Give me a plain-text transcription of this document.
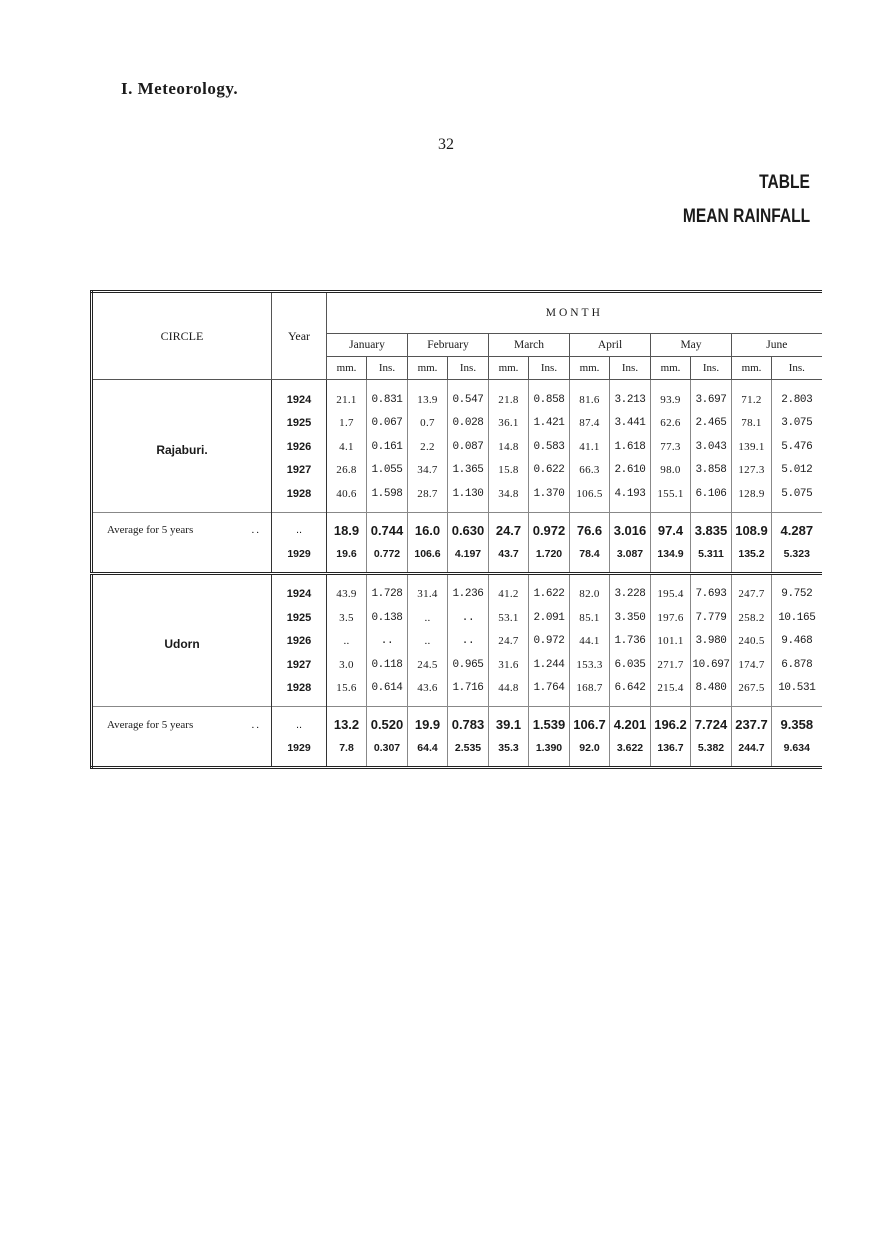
I. Meteorology.
32
TABLE
MEAN RAINFALL
CIRCLE	Year	MONTH											
		January		February		March		April		May		June	
		mm.	Ins.	mm.	Ins.	mm.	Ins.	mm.	Ins.	mm.	Ins.	mm.	Ins.
Rajaburi.	1924	21.1	0.831	13.9	0.547	21.8	0.858	81.6	3.213	93.9	3.697	71.2	2.803
	1925	1.7	0.067	0.7	0.028	36.1	1.421	87.4	3.441	62.6	2.465	78.1	3.075
	1926	4.1	0.161	2.2	0.087	14.8	0.583	41.1	1.618	77.3	3.043	139.1	5.476
	1927	26.8	1.055	34.7	1.365	15.8	0.622	66.3	2.610	98.0	3.858	127.3	5.012
	1928	40.6	1.598	28.7	1.130	34.8	1.370	106.5	4.193	155.1	6.106	128.9	5.075
Average for 5 years ..	..	18.9	0.744	16.0	0.630	24.7	0.972	76.6	3.016	97.4	3.835	108.9	4.287
	1929	19.6	0.772	106.6	4.197	43.7	1.720	78.4	3.087	134.9	5.311	135.2	5.323
Udorn	1924	43.9	1.728	31.4	1.236	41.2	1.622	82.0	3.228	195.4	7.693	247.7	9.752
	1925	3.5	0.138	..	..	53.1	2.091	85.1	3.350	197.6	7.779	258.2	10.165
	1926	..	..	..	..	24.7	0.972	44.1	1.736	101.1	3.980	240.5	9.468
	1927	3.0	0.118	24.5	0.965	31.6	1.244	153.3	6.035	271.7	10.697	174.7	6.878
	1928	15.6	0.614	43.6	1.716	44.8	1.764	168.7	6.642	215.4	8.480	267.5	10.531
Average for 5 years ..	..	13.2	0.520	19.9	0.783	39.1	1.539	106.7	4.201	196.2	7.724	237.7	9.358
	1929	7.8	0.307	64.4	2.535	35.3	1.390	92.0	3.622	136.7	5.382	244.7	9.634
